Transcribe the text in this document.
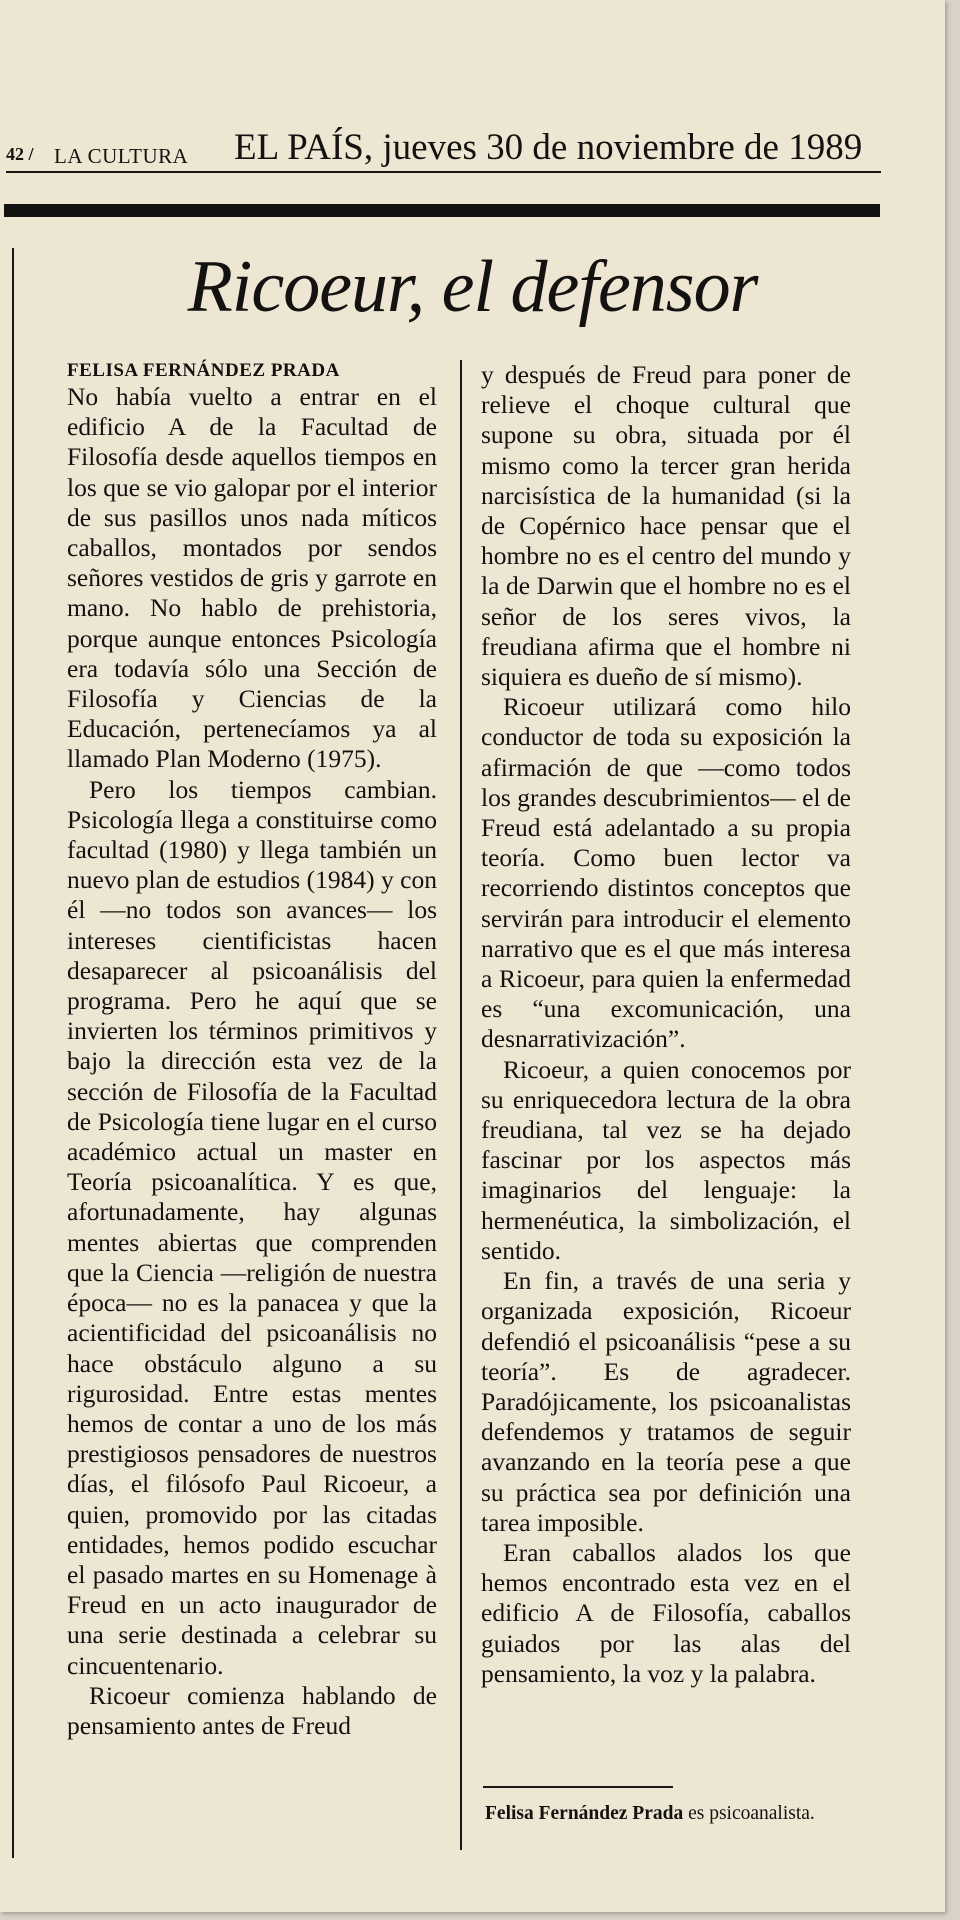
42 / LA CULTURA EL PAÍS, jueves 30 de noviembre de 1989
Ricoeur, el defensor

FELISA FERNÁNDEZ PRADA

No había vuelto a entrar en el edificio A de la Facultad de Filosofía desde aquellos tiempos en los que se vio galopar por el interior de sus pasillos unos nada míticos caballos, montados por sendos señores vestidos de gris y garrote en mano. No hablo de prehistoria, porque aunque entonces Psicología era todavía sólo una Sección de Filosofía y Ciencias de la Educación, pertenecíamos ya al llamado Plan Moderno (1975).

Pero los tiempos cambian. Psicología llega a constituirse como facultad (1980) y llega también un nuevo plan de estudios (1984) y con él —no todos son avances— los intereses cientificistas hacen desaparecer al psicoanálisis del programa. Pero he aquí que se invierten los términos primitivos y bajo la dirección esta vez de la sección de Filosofía de la Facultad de Psicología tiene lugar en el curso académico actual un master en Teoría psicoanalítica. Y es que, afortunadamente, hay algunas mentes abiertas que comprenden que la Ciencia —religión de nuestra época— no es la panacea y que la acientificidad del psicoanálisis no hace obstáculo alguno a su rigurosidad. Entre estas mentes hemos de contar a uno de los más prestigiosos pensadores de nuestros días, el filósofo Paul Ricoeur, a quien, promovido por las citadas entidades, hemos podido escuchar el pasado martes en su Homenage à Freud en un acto inaugurador de una serie destinada a celebrar su cincuentenario.

Ricoeur comienza hablando de pensamiento antes de Freud

y después de Freud para poner de relieve el choque cultural que supone su obra, situada por él mismo como la tercer gran herida narcisística de la humanidad (si la de Copérnico hace pensar que el hombre no es el centro del mundo y la de Darwin que el hombre no es el señor de los seres vivos, la freudiana afirma que el hombre ni siquiera es dueño de sí mismo).

Ricoeur utilizará como hilo conductor de toda su exposición la afirmación de que —como todos los grandes descubrimientos— el de Freud está adelantado a su propia teoría. Como buen lector va recorriendo distintos conceptos que servirán para introducir el elemento narrativo que es el que más interesa a Ricoeur, para quien la enfermedad es “una excomunicación, una desnarrativización”.

Ricoeur, a quien conocemos por su enriquecedora lectura de la obra freudiana, tal vez se ha dejado fascinar por los aspectos más imaginarios del lenguaje: la hermenéutica, la simbolización, el sentido.

En fin, a través de una seria y organizada exposición, Ricoeur defendió el psicoanálisis “pese a su teoría”. Es de agradecer. Paradójicamente, los psicoanalistas defendemos y tratamos de seguir avanzando en la teoría pese a que su práctica sea por definición una tarea imposible.

Eran caballos alados los que hemos encontrado esta vez en el edificio A de Filosofía, caballos guiados por las alas del pensamiento, la voz y la palabra.

Felisa Fernández Prada es psicoanalista.
